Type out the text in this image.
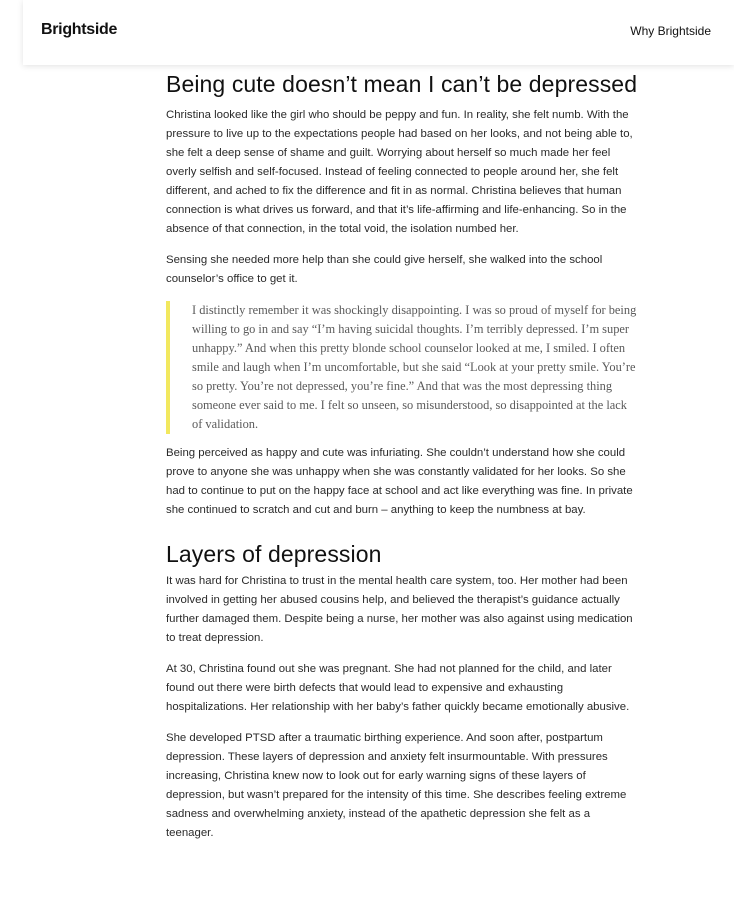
Brightside	Why Brightside
Being cute doesn’t mean I can’t be depressed

Christina looked like the girl who should be peppy and fun. In reality, she felt numb. With the pressure to live up to the expectations people had based on her looks, and not being able to, she felt a deep sense of shame and guilt. Worrying about herself so much made her feel overly selfish and self-focused. Instead of feeling connected to people around her, she felt different, and ached to fix the difference and fit in as normal. Christina believes that human connection is what drives us forward, and that it’s life-affirming and life-enhancing. So in the absence of that connection, in the total void, the isolation numbed her.

Sensing she needed more help than she could give herself, she walked into the school counselor’s office to get it.

I distinctly remember it was shockingly disappointing. I was so proud of myself for being willing to go in and say “I’m having suicidal thoughts. I’m terribly depressed. I’m super unhappy.” And when this pretty blonde school counselor looked at me, I smiled. I often smile and laugh when I’m uncomfortable, but she said “Look at your pretty smile. You’re so pretty. You’re not depressed, you’re fine.” And that was the most depressing thing someone ever said to me. I felt so unseen, so misunderstood, so disappointed at the lack of validation.

Being perceived as happy and cute was infuriating. She couldn’t understand how she could prove to anyone she was unhappy when she was constantly validated for her looks. So she had to continue to put on the happy face at school and act like everything was fine. In private she continued to scratch and cut and burn – anything to keep the numbness at bay.

Layers of depression

It was hard for Christina to trust in the mental health care system, too. Her mother had been involved in getting her abused cousins help, and believed the therapist’s guidance actually further damaged them. Despite being a nurse, her mother was also against using medication to treat depression.

At 30, Christina found out she was pregnant. She had not planned for the child, and later found out there were birth defects that would lead to expensive and exhausting hospitalizations. Her relationship with her baby’s father quickly became emotionally abusive.

She developed PTSD after a traumatic birthing experience. And soon after, postpartum depression. These layers of depression and anxiety felt insurmountable. With pressures increasing, Christina knew now to look out for early warning signs of these layers of depression, but wasn’t prepared for the intensity of this time. She describes feeling extreme sadness and overwhelming anxiety, instead of the apathetic depression she felt as a teenager.
